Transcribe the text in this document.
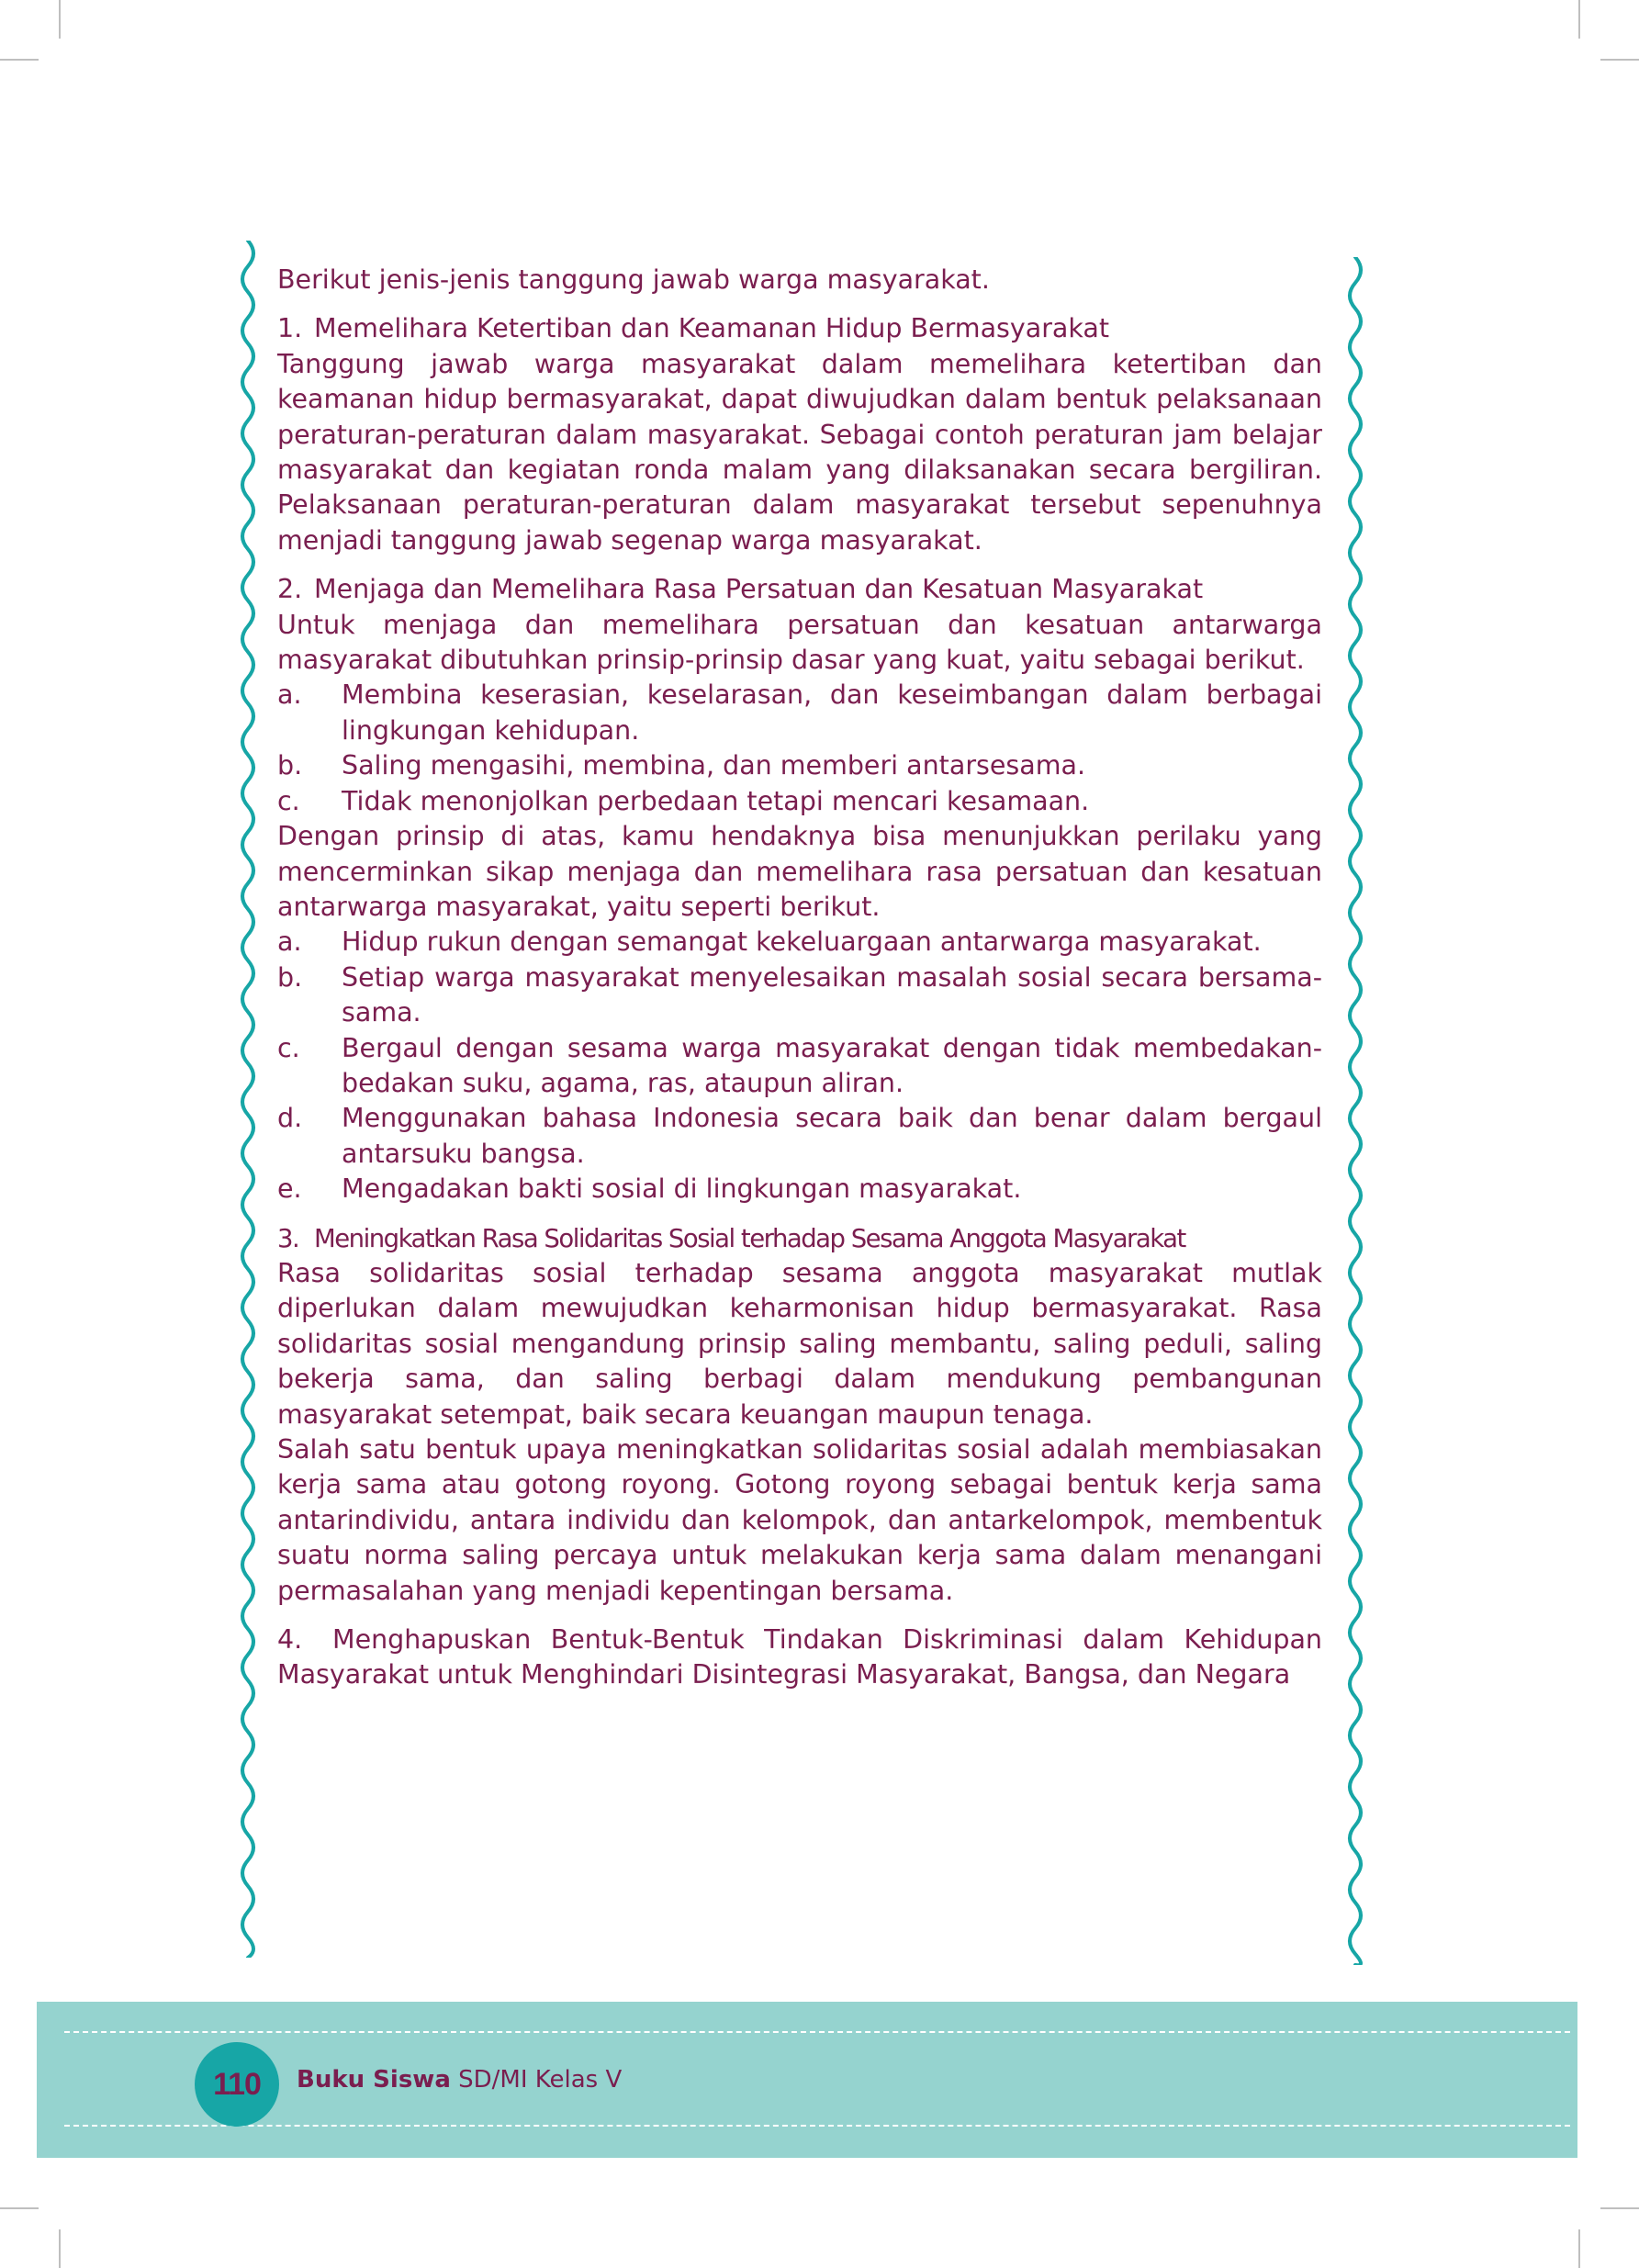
Berikut jenis-jenis tanggung jawab warga masyarakat.

1. Memelihara Ketertiban dan Keamanan Hidup Bermasyarakat

Tanggung jawab warga masyarakat dalam memelihara ketertiban dan keamanan hidup bermasyarakat, dapat diwujudkan dalam bentuk pelaksanaan peraturan-peraturan dalam masyarakat. Sebagai contoh peraturan jam belajar masyarakat dan kegiatan ronda malam yang dilaksanakan secara bergiliran. Pelaksanaan peraturan-peraturan dalam masyarakat tersebut sepenuhnya menjadi tanggung jawab segenap warga masyarakat.

2. Menjaga dan Memelihara Rasa Persatuan dan Kesatuan Masyarakat

Untuk menjaga dan memelihara persatuan dan kesatuan antarwarga masyarakat dibutuhkan prinsip-prinsip dasar yang kuat, yaitu sebagai berikut.

a. Membina keserasian, keselarasan, dan keseimbangan dalam berbagai lingkungan kehidupan.
b. Saling mengasihi, membina, dan memberi antarsesama.
c. Tidak menonjolkan perbedaan tetapi mencari kesamaan.

Dengan prinsip di atas, kamu hendaknya bisa menunjukkan perilaku yang mencerminkan sikap menjaga dan memelihara rasa persatuan dan kesatuan antarwarga masyarakat, yaitu seperti berikut.

a. Hidup rukun dengan semangat kekeluargaan antarwarga masyarakat.
b. Setiap warga masyarakat menyelesaikan masalah sosial secara bersama-sama.
c. Bergaul dengan sesama warga masyarakat dengan tidak membedakan-bedakan suku, agama, ras, ataupun aliran.
d. Menggunakan bahasa Indonesia secara baik dan benar dalam bergaul antarsuku bangsa.
e. Mengadakan bakti sosial di lingkungan masyarakat.
3. Meningkatkan Rasa Solidaritas Sosial terhadap Sesama Anggota Masyarakat

Rasa solidaritas sosial terhadap sesama anggota masyarakat mutlak diperlukan dalam mewujudkan keharmonisan hidup bermasyarakat. Rasa solidaritas sosial mengandung prinsip saling membantu, saling peduli, saling bekerja sama, dan saling berbagi dalam mendukung pembangunan masyarakat setempat, baik secara keuangan maupun tenaga.

Salah satu bentuk upaya meningkatkan solidaritas sosial adalah membiasakan kerja sama atau gotong royong. Gotong royong sebagai bentuk kerja sama antarindividu, antara individu dan kelompok, dan antarkelompok, membentuk suatu norma saling percaya untuk melakukan kerja sama dalam menangani permasalahan yang menjadi kepentingan bersama.

4. Menghapuskan Bentuk-Bentuk Tindakan Diskriminasi dalam Kehidupan Masyarakat untuk Menghindari Disintegrasi Masyarakat, Bangsa, dan Negara

110	Buku Siswa SD/MI Kelas V
